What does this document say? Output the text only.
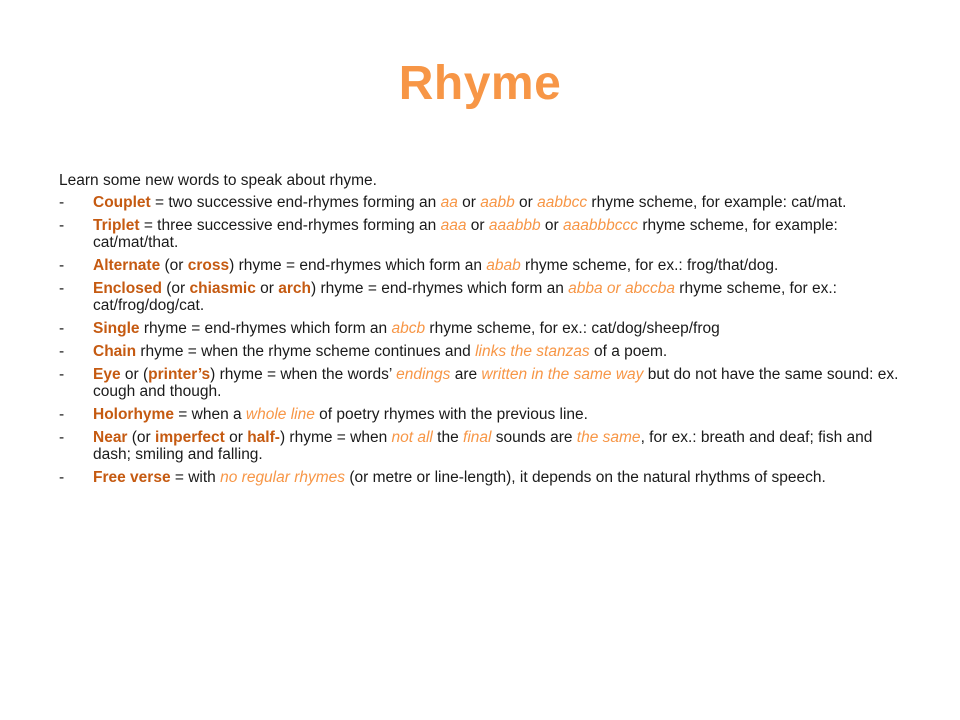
Rhyme

Learn some new words to speak about rhyme.

- Couplet = two successive end-rhymes forming an aa or aabb or aabbcc rhyme scheme, for example: cat/mat.
- Triplet = three successive end-rhymes forming an aaa or aaabbb or aaabbbccc rhyme scheme, for example: cat/mat/that.
- Alternate (or cross) rhyme = end-rhymes which form an abab rhyme scheme, for ex.: frog/that/dog.
- Enclosed (or chiasmic or arch) rhyme = end-rhymes which form an abba or abccba rhyme scheme, for ex.: cat/frog/dog/cat.
- Single rhyme = end-rhymes which form an abcb rhyme scheme, for ex.: cat/dog/sheep/frog
- Chain rhyme = when the rhyme scheme continues and links the stanzas of a poem.
- Eye or (printer’s) rhyme = when the words’ endings are written in the same way but do not have the same sound: ex. cough and though.
- Holorhyme = when a whole line of poetry rhymes with the previous line.
- Near (or imperfect or half-) rhyme = when not all the final sounds are the same, for ex.: breath and deaf; fish and dash; smiling and falling.
- Free verse = with no regular rhymes (or metre or line-length), it depends on the natural rhythms of speech.
